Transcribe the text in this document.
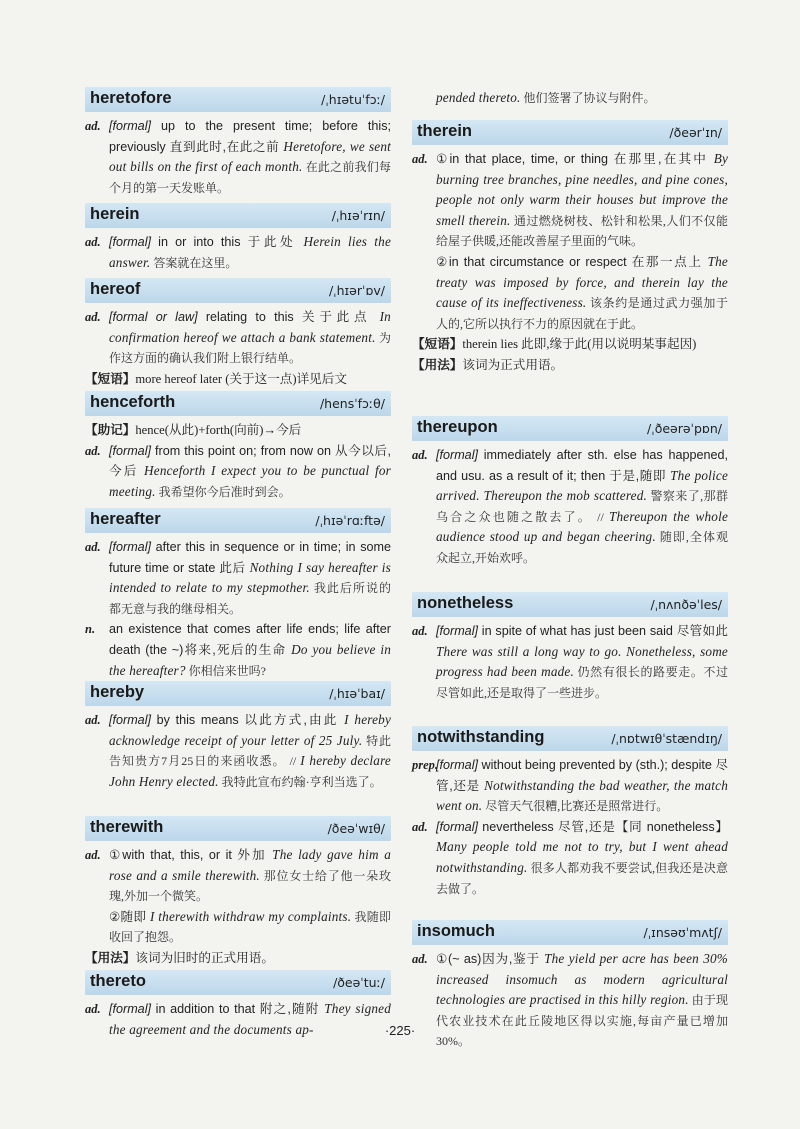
heretofore	/ˌhɪətuˈfɔː/
ad. [formal] up to the present time; before this; previously 直到此时,在此之前 Heretofore, we sent out bills on the first of each month. 在此之前我们每个月的第一天发账单。
herein	/ˌhɪəˈrɪn/
ad. [formal] in or into this 于此处 Herein lies the answer. 答案就在这里。
hereof	/ˌhɪərˈɒv/
ad. [formal or law] relating to this 关于此点 In confirmation hereof we attach a bank statement. 为作这方面的确认我们附上银行结单。
【短语】more hereof later (关于这一点)详见后文
henceforth	/hensˈfɔːθ/
【助记】hence(从此)+forth(向前)→今后
ad. [formal] from this point on; from now on 从今以后,今后 Henceforth I expect you to be punctual for meeting. 我希望你今后准时到会。
hereafter	/ˌhɪəˈrɑːftə/
ad. [formal] after this in sequence or in time; in some future time or state 此后 Nothing I say hereafter is intended to relate to my stepmother. 我此后所说的都无意与我的继母相关。
n. an existence that comes after life ends; life after death (the ~)将来,死后的生命 Do you believe in the hereafter? 你相信来世吗?
hereby	/ˌhɪəˈbaɪ/
ad. [formal] by this means 以此方式,由此 I hereby acknowledge receipt of your letter of 25 July. 特此告知贵方7月25日的来函收悉。 // I hereby declare John Henry elected. 我特此宣布约翰·亨利当选了。
therewith	/ðeəˈwɪθ/
ad. ①with that, this, or it 外加 The lady gave him a rose and a smile therewith. 那位女士给了他一朵玫瑰,外加一个微笑。
②随即 I therewith withdraw my complaints. 我随即收回了抱怨。
【用法】该词为旧时的正式用语。
thereto	/ðeəˈtuː/
ad. [formal] in addition to that 附之,随附 They signed the agreement and the documents ap-
pended thereto. 他们签署了协议与附件。
therein	/ðeərˈɪn/
ad. ①in that place, time, or thing 在那里,在其中 By burning tree branches, pine needles, and pine cones, people not only warm their houses but improve the smell therein. 通过燃烧树枝、松针和松果,人们不仅能给屋子供暖,还能改善屋子里面的气味。
②in that circumstance or respect 在那一点上 The treaty was imposed by force, and therein lay the cause of its ineffectiveness. 该条约是通过武力强加于人的,它所以执行不力的原因就在于此。
【短语】therein lies 此即,缘于此(用以说明某事起因)
【用法】该词为正式用语。
thereupon	/ˌðeərəˈpɒn/
ad. [formal] immediately after sth. else has happened, and usu. as a result of it; then 于是,随即 The police arrived. Thereupon the mob scattered. 警察来了,那群乌合之众也随之散去了。 // Thereupon the whole audience stood up and began cheering. 随即,全体观众起立,开始欢呼。
nonetheless	/ˌnʌnðəˈles/
ad. [formal] in spite of what has just been said 尽管如此 There was still a long way to go. Nonetheless, some progress had been made. 仍然有很长的路要走。不过尽管如此,还是取得了一些进步。
notwithstanding	/ˌnɒtwɪθˈstændɪŋ/
prep.
[formal] without being prevented by (sth.); despite 尽管,还是 Notwithstanding the bad weather, the match went on. 尽管天气很糟,比赛还是照常进行。
ad. [formal] nevertheless 尽管,还是【同 nonetheless】Many people told me not to try, but I went ahead notwithstanding. 很多人都劝我不要尝试,但我还是决意去做了。
insomuch	/ˌɪnsəʊˈmʌtʃ/
ad. ①(~ as)因为,鉴于 The yield per acre has been 30% increased insomuch as modern agricultural technologies are practised in this hilly region. 由于现代农业技术在此丘陵地区得以实施,每亩产量已增加30%。
·225·
